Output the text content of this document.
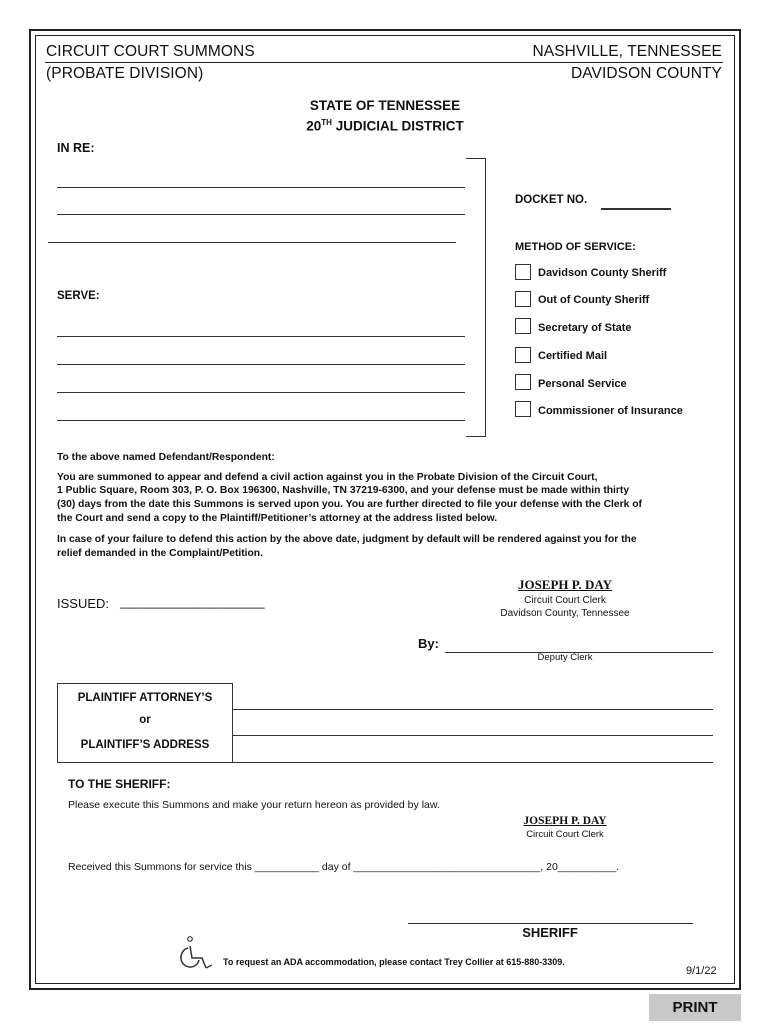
CIRCUIT COURT SUMMONS	NASHVILLE, TENNESSEE
(PROBATE DIVISION)	DAVIDSON COUNTY
STATE OF TENNESSEE
20TH JUDICIAL DISTRICT
IN RE:
SERVE:
DOCKET NO.
METHOD OF SERVICE:
Davidson County Sheriff
Out of County Sheriff
Secretary of State
Certified Mail
Personal Service
Commissioner of Insurance
To the above named Defendant/Respondent:
You are summoned to appear and defend a civil action against you in the Probate Division of the Circuit Court,
1 Public Square, Room 303, P. O. Box 196300, Nashville, TN 37219-6300, and your defense must be made within thirty
(30) days from the date this Summons is served upon you. You are further directed to file your defense with the Clerk of
the Court and send a copy to the Plaintiff/Petitioner’s attorney at the address listed below.
In case of your failure to defend this action by the above date, judgment by default will be rendered against you for the
relief demanded in the Complaint/Petition.
ISSUED: ____________________
JOSEPH P. DAY
Circuit Court Clerk
Davidson County, Tennessee
By:
Deputy Clerk
PLAINTIFF ATTORNEY’S
or
PLAINTIFF’S ADDRESS
TO THE SHERIFF:
Please execute this Summons and make your return hereon as provided by law.
JOSEPH P. DAY
Circuit Court Clerk
Received this Summons for service this ___________ day of ________________________________, 20__________.
SHERIFF
To request an ADA accommodation, please contact Trey Collier at 615-880-3309.
9/1/22
PRINT
